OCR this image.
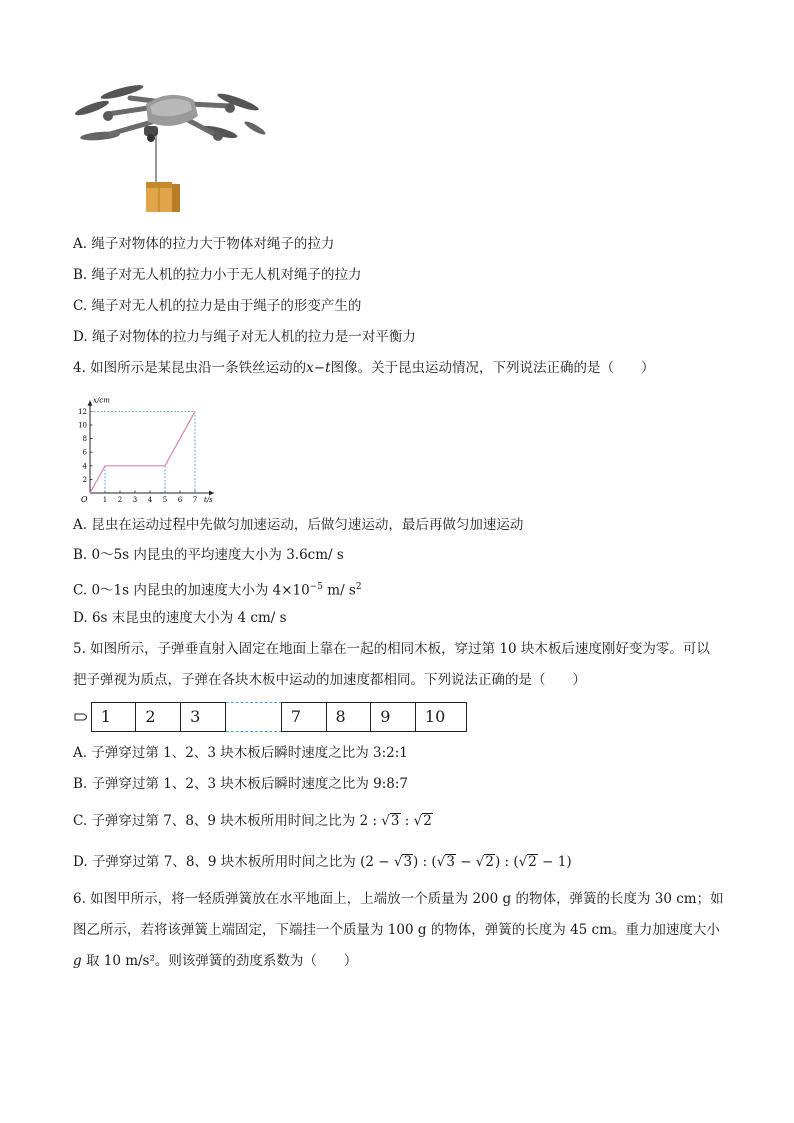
A. 绳子对物体的拉力大于物体对绳子的拉力
B. 绳子对无人机的拉力小于无人机对绳子的拉力
C. 绳子对无人机的拉力是由于绳子的形变产生的
D. 绳子对物体的拉力与绳子对无人机的拉力是一对平衡力
4. 如图所示是某昆虫沿一条铁丝运动的x−t图像。关于昆虫运动情况，下列说法正确的是（　　）
1 2 3 4 5 6 7
2
4
6
8
10
12
O	t/s
x/cm
A. 昆虫在运动过程中先做匀加速运动，后做匀速运动，最后再做匀加速运动
B. 0～5s 内昆虫的平均速度大小为 3.6cm/ s
C. 0～1s 内昆虫的加速度大小为 $4\times 10^{-5}$ m/ $s^2$
D. 6s 末昆虫的速度大小为 4 cm/ s
5. 如图所示，子弹垂直射入固定在地面上靠在一起的相同木板，穿过第 10 块木板后速度刚好变为零。可以
把子弹视为质点，子弹在各块木板中运动的加速度都相同。下列说法正确的是（　　）
1	2	3	7	8	9	10
A. 子弹穿过第 1、2、3 块木板后瞬时速度之比为 3:2:1
B. 子弹穿过第 1、2、3 块木板后瞬时速度之比为 9:8:7
C. 子弹穿过第 7、8、9 块木板所用时间之比为 2 : √3 : √2
D. 子弹穿过第 7、8、9 块木板所用时间之比为 (2 − √3) : (√3 − √2) : (√2 − 1)
6. 如图甲所示，将一轻质弹簧放在水平地面上，上端放一个质量为 200 g 的物体，弹簧的长度为 30 cm；如
图乙所示，若将该弹簧上端固定，下端挂一个质量为 100 g 的物体，弹簧的长度为 45 cm。重力加速度大小
g 取 10 m/s²。则该弹簧的劲度系数为（　　）
